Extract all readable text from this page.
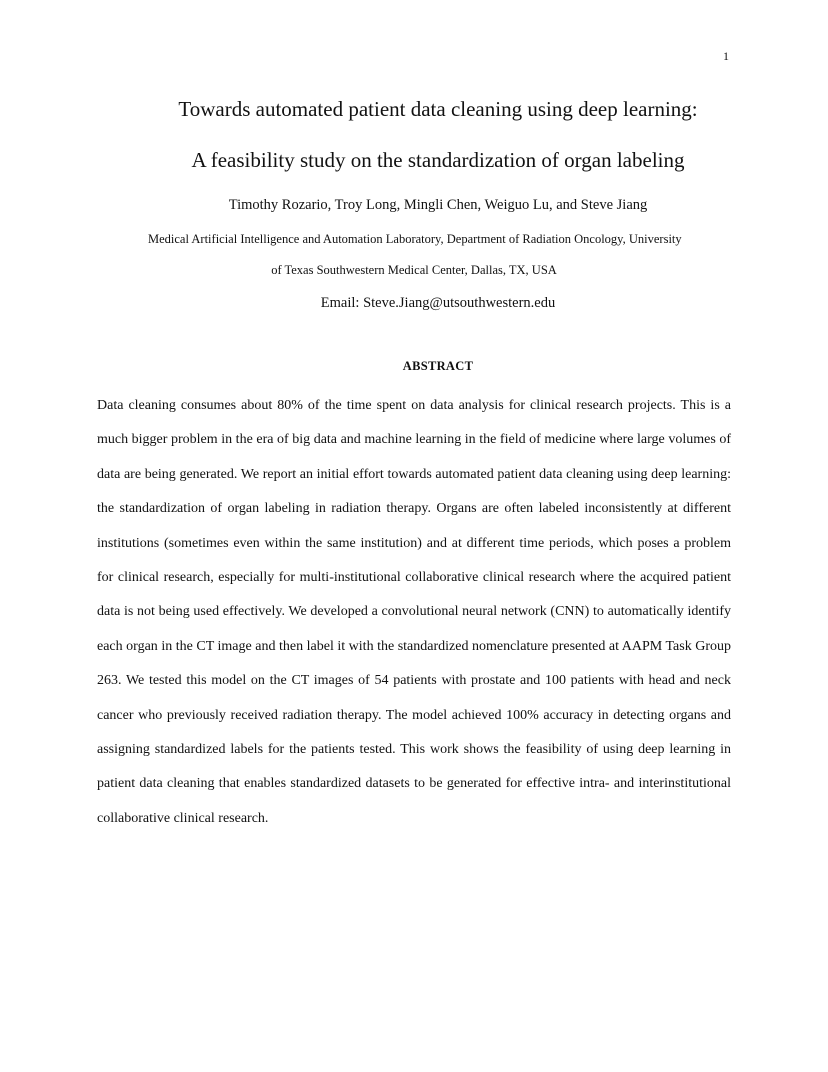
1
Towards automated patient data cleaning using deep learning:
A feasibility study on the standardization of organ labeling
Timothy Rozario, Troy Long, Mingli Chen, Weiguo Lu, and Steve Jiang
Medical Artificial Intelligence and Automation Laboratory, Department of Radiation Oncology, University
of Texas Southwestern Medical Center, Dallas, TX, USA
Email: Steve.Jiang@utsouthwestern.edu
ABSTRACT
Data cleaning consumes about 80% of the time spent on data analysis for clinical research projects. This is a much bigger problem in the era of big data and machine learning in the field of medicine where large volumes of data are being generated. We report an initial effort towards automated patient data cleaning using deep learning: the standardization of organ labeling in radiation therapy. Organs are often labeled inconsistently at different institutions (sometimes even within the same institution) and at different time periods, which poses a problem for clinical research, especially for multi-institutional collaborative clinical research where the acquired patient data is not being used effectively. We developed a convolutional neural network (CNN) to automatically identify each organ in the CT image and then label it with the standardized nomenclature presented at AAPM Task Group 263. We tested this model on the CT images of 54 patients with prostate and 100 patients with head and neck cancer who previously received radiation therapy. The model achieved 100% accuracy in detecting organs and assigning standardized labels for the patients tested. This work shows the feasibility of using deep learning in patient data cleaning that enables standardized datasets to be generated for effective intra- and interinstitutional collaborative clinical research.
